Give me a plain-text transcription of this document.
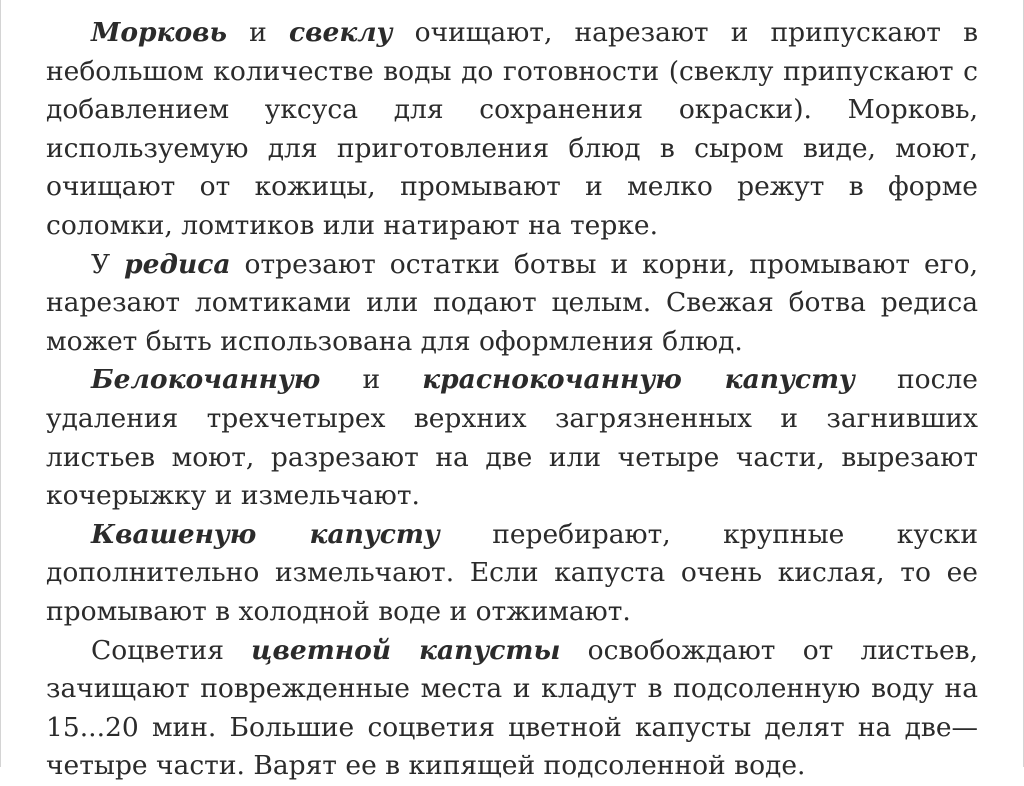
Морковь и свеклу очищают, нарезают и припускают в небольшом количестве воды до готовности (свеклу припускают с добавлением уксуса для сохранения окраски). Морковь, используемую для приготовления блюд в сыром виде, моют, очищают от кожицы, промывают и мелко режут в форме соломки, ломтиков или натирают на терке.

У редиса отрезают остатки ботвы и корни, промывают его, нарезают ломтиками или подают целым. Свежая ботва редиса может быть использована для оформления блюд.

Белокочанную и краснокочанную капусту после удаления трехчетырех верхних загрязненных и загнивших листьев моют, разрезают на две или четыре части, вырезают кочерыжку и измельчают.

Квашеную капусту перебирают, крупные куски дополнительно измельчают. Если капуста очень кислая, то ее промывают в холодной воде и отжимают.

Соцветия цветной капусты освобождают от листьев, зачищают поврежденные места и кладут в подсоленную воду на 15...20 мин. Большие соцветия цветной капусты делят на две—четыре части. Варят ее в кипящей подсоленной воде.
